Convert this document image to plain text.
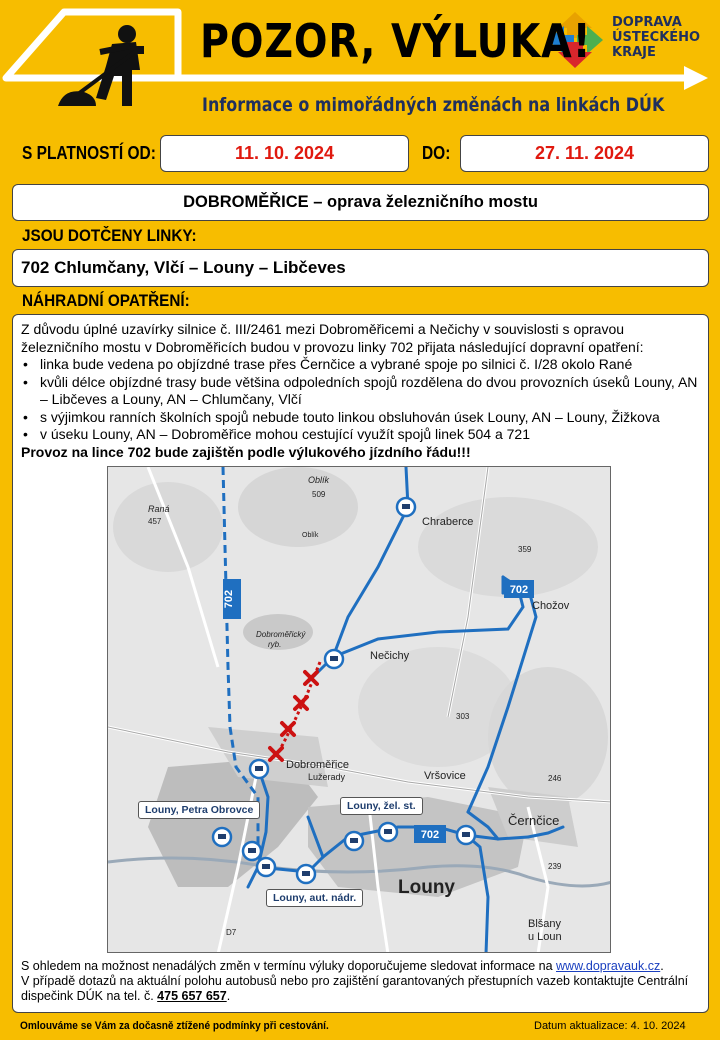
POZOR, VÝLUKA! DOPRAVA
ÚSTECKÉHO
KRAJE
Informace o mimořádných změnách na linkách DÚK
S PLATNOSTÍ OD:	11. 10. 2024	DO:	27. 11. 2024
DOBROMĚŘICE – oprava železničního mostu
JSOU DOTČENY LINKY:
702 Chlumčany, Vlčí – Louny – Libčeves
NÁHRADNÍ OPATŘENÍ:

Z důvodu úplné uzavírky silnice č. III/2461 mezi Dobroměřicemi a Nečichy v souvislosti s opravou železničního mostu v Dobroměřicích budou v provozu linky 702 přijata následující dopravní opatření:

• linka bude vedena po objízdné trase přes Černčice a vybrané spoje po silnici č. I/28 okolo Rané
• kvůli délce objízdné trasy bude většina odpoledních spojů rozdělena do dvou provozních úseků Louny, AN – Libčeves a Louny, AN – Chlumčany, Vlčí
• s výjimkou ranních školních spojů nebude touto linkou obsluhován úsek Louny, AN – Louny, Žižkova
• v úseku Louny, AN – Dobroměřice mohou cestující využít spojů linek 504 a 721

Provoz na lince 702 bude zajištěn podle výlukového jízdního řádu!!!

702	702
702
Chraberce
Chožov
Nečichy
Dobroměřice
Lužerady	Vršovice
Černčice
Louny
Blšany
u Loun
Raná
457
Oblík
509
Oblík
Dobroměřický
ryb.
359
303
246
239
D7
Louny, Petra Obrovce	Louny, žel. st.
Louny, aut. nádr.

S ohledem na možnost nenadálých změn v termínu výluky doporučujeme sledovat informace na www.dopravauk.cz.

V případě dotazů na aktuální polohu autobusů nebo pro zajištění garantovaných přestupních vazeb kontaktujte Centrální dispečink DÚK na tel. č. 475 657 657.

Omlouváme se Vám za dočasně ztížené podmínky při cestování.	Datum aktualizace: 4. 10. 2024
